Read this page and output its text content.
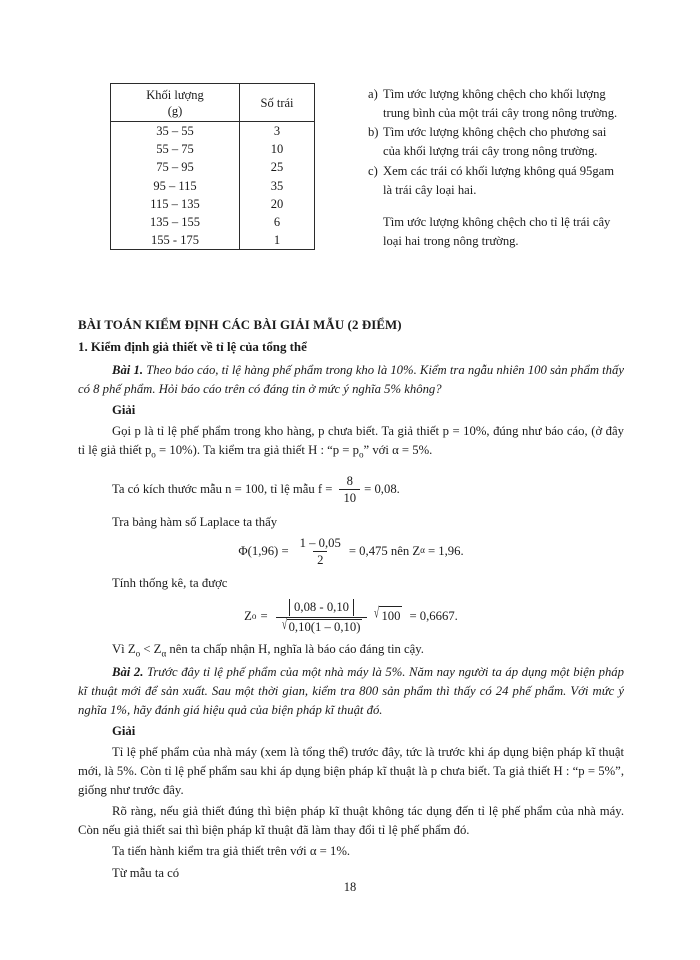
Khối lượng
(g)	Số trái
35 – 55	3
55 – 75	10
75 – 95	25
95 – 115	35
115 – 135	20
135 – 155	6
155 - 175	1
a) Tìm ước lượng không chệch cho khối lượng trung bình của một trái cây trong nông trường.
b) Tìm ước lượng không chệch cho phương sai của khối lượng trái cây trong nông trường.
c) Xem các trái có khối lượng không quá 95gam là trái cây loại hai.
Tìm ước lượng không chệch cho tỉ lệ trái cây loại hai trong nông trường.
BÀI TOÁN KIỂM ĐỊNH CÁC BÀI GIẢI MẪU (2 ĐIỂM)
1. Kiểm định giả thiết về tỉ lệ của tổng thể

Bài 1. Theo báo cáo, tỉ lệ hàng phế phẩm trong kho là 10%. Kiểm tra ngẫu nhiên 100 sản phẩm thấy có 8 phế phẩm. Hỏi báo cáo trên có đáng tin ở mức ý nghĩa 5% không?

Giải

Gọi p là tỉ lệ phế phẩm trong kho hàng, p chưa biết. Ta giả thiết p = 10%, đúng như báo cáo, (ở đây tỉ lệ giả thiết $p_o = 10\%$). Ta kiểm tra giả thiết H : “$p = p_o$” với α = 5%.

Ta có kích thước mẫu n = 100, tỉ lệ mẫu $f = \frac{8}{10} = 0,08$.

Tra bảng hàm số Laplace ta thấy

$\Phi(1,96) = \frac{1 - 0,05}{2} = 0,475$ nên Z α = 1,96.

Tính thống kê, ta được

Z $o = \frac{0,08 - 0,10}{√ 0,10(1 - 0,10)}$ √ 100 = 0,6667.

Vì $Z_o < Z_\alpha$ nên ta chấp nhận H, nghĩa là báo cáo đáng tin cậy.

Bài 2. Trước đây tỉ lệ phế phẩm của một nhà máy là 5%. Năm nay người ta áp dụng một biện pháp kĩ thuật mới để sản xuất. Sau một thời gian, kiểm tra 800 sản phẩm thì thấy có 24 phế phẩm. Với mức ý nghĩa 1%, hãy đánh giá hiệu quả của biện pháp kĩ thuật đó.

Giải

Tỉ lệ phế phẩm của nhà máy (xem là tổng thể) trước đây, tức là trước khi áp dụng biện pháp kĩ thuật mới, là 5%. Còn tỉ lệ phế phẩm sau khi áp dụng biện pháp kĩ thuật là p chưa biết. Ta giả thiết H : “p = 5%”, giống như trước đây.

Rõ ràng, nếu giả thiết đúng thì biện pháp kĩ thuật không tác dụng đến tỉ lệ phế phẩm của nhà máy. Còn nếu giả thiết sai thì biện pháp kĩ thuật đã làm thay đổi tỉ lệ phế phẩm đó.

Ta tiến hành kiểm tra giả thiết trên với α = 1%.

Từ mẫu ta có

18
